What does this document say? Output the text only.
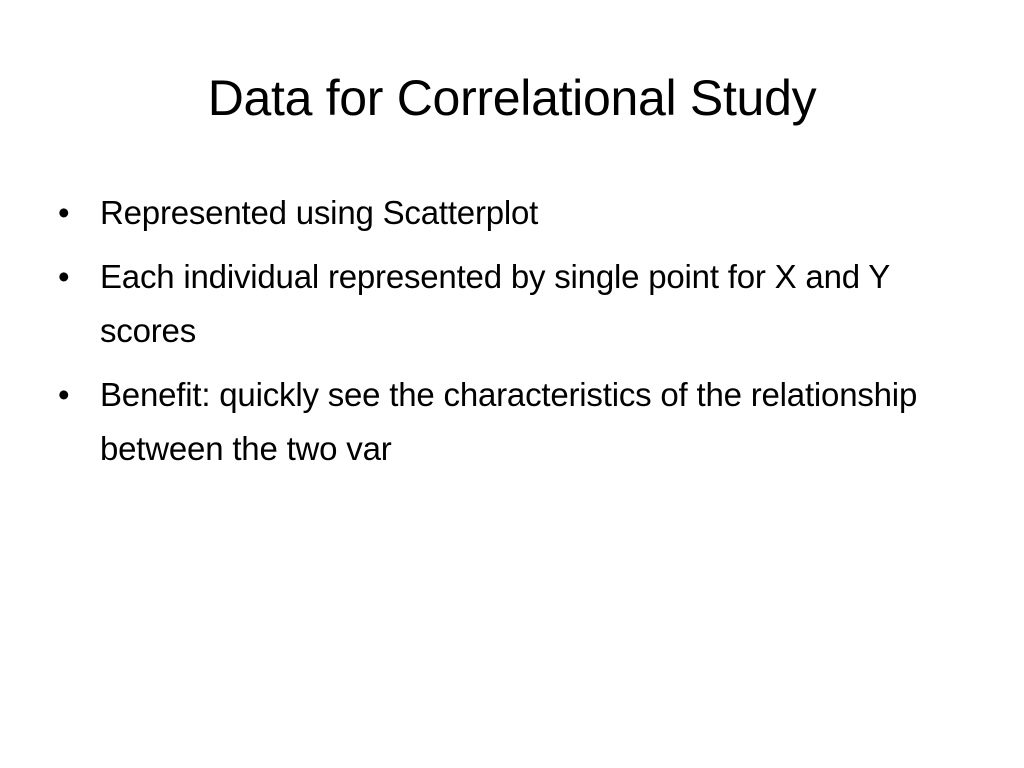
Data for Correlational Study
• Represented using Scatterplot
• Each individual represented by single point for X and Y scores
• Benefit: quickly see the characteristics of the relationship between the two var
